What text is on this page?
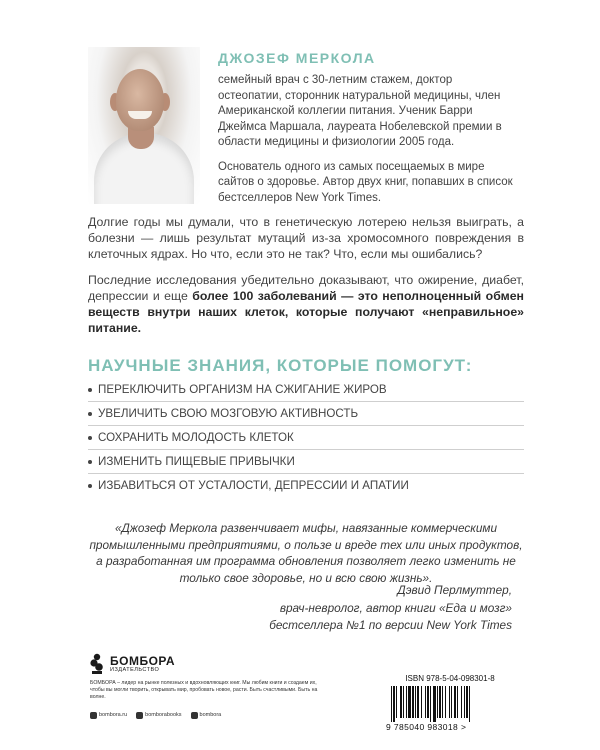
ДЖОЗЕФ МЕРКОЛА

семейный врач с 30-летним стажем, доктор остеопатии, сторонник натуральной медицины, член Американской коллегии питания. Ученик Барри Джеймса Маршала, лауреата Нобелевской премии в области медицины и физиологии 2005 года.

Основатель одного из самых посещаемых в мире сайтов о здоровье. Автор двух книг, попавших в список бестселлеров New York Times.

Долгие годы мы думали, что в генетическую лотерею нельзя выиграть, а болезни — лишь результат мутаций из-за хромосомного повреждения в клеточных ядрах. Но что, если это не так? Что, если мы ошибались?

Последние исследования убедительно доказывают, что ожирение, диабет, депрессии и еще более 100 заболеваний — это неполноценный обмен веществ внутри наших клеток, которые получают «неправильное» питание.

НАУЧНЫЕ ЗНАНИЯ, КОТОРЫЕ ПОМОГУТ:
ПЕРЕКЛЮЧИТЬ ОРГАНИЗМ НА СЖИГАНИЕ ЖИРОВ
УВЕЛИЧИТЬ СВОЮ МОЗГОВУЮ АКТИВНОСТЬ
СОХРАНИТЬ МОЛОДОСТЬ КЛЕТОК
ИЗМЕНИТЬ ПИЩЕВЫЕ ПРИВЫЧКИ
ИЗБАВИТЬСЯ ОТ УСТАЛОСТИ, ДЕПРЕССИИ И АПАТИИ
«Джозеф Меркола развенчивает мифы, навязанные коммерческими промышленными предприятиями, о пользе и вреде тех или иных продуктов, а разработанная им программа обновления позволяет легко изменить не только свое здоровье, но и всю свою жизнь».
Дэвид Перлмуттер,
врач-невролог, автор книги «Еда и мозг»
бестселлера №1 по версии New York Times
БОМБОРА
ИЗДАТЕЛЬСТВО
БОМБОРА – лидер на рынке полезных и вдохновляющих книг. Мы любим книги и создаем их, чтобы вы могли творить, открывать мир, пробовать новое, расти. Быть счастливыми. Быть на волне.
bombora.ru	bomborabooks	bombora
ISBN 978-5-04-098301-8
9 785040 983018 >
